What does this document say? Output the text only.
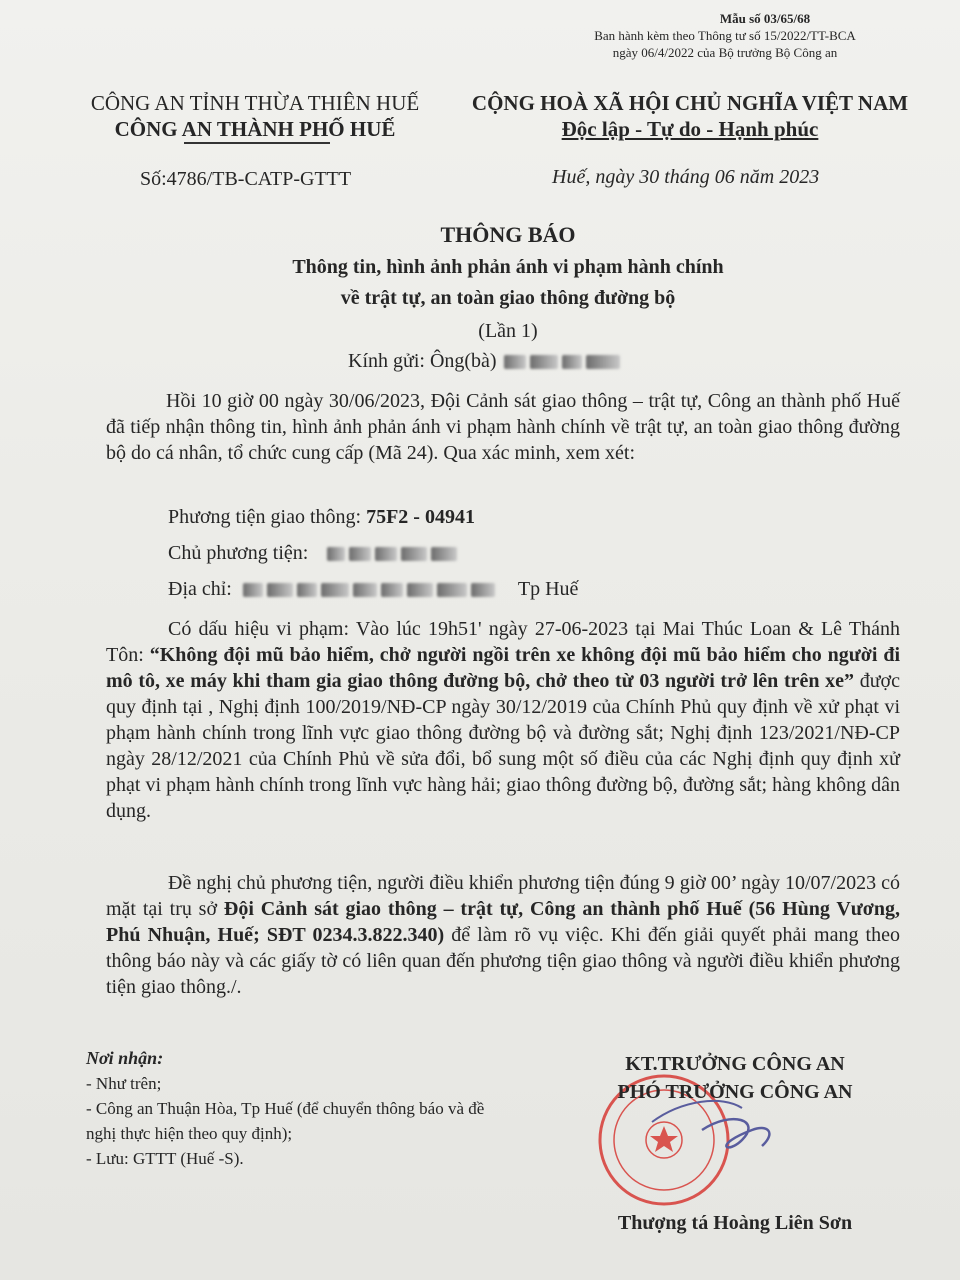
Mẫu số 03/65/68
Ban hành kèm theo Thông tư số 15/2022/TT-BCA
ngày 06/4/2022 của Bộ trưởng Bộ Công an
CÔNG AN TỈNH THỪA THIÊN HUẾ
CÔNG AN THÀNH PHỐ HUẾ
CỘNG HOÀ XÃ HỘI CHỦ NGHĨA VIỆT NAM
Độc lập - Tự do - Hạnh phúc
Số:4786/TB-CATP-GTTT	Huế, ngày 30 tháng 06 năm 2023
THÔNG BÁO
Thông tin, hình ảnh phản ánh vi phạm hành chính
về trật tự, an toàn giao thông đường bộ
(Lần 1)
Kính gửi: Ông(bà)
Hồi 10 giờ 00 ngày 30/06/2023, Đội Cảnh sát giao thông – trật tự, Công an thành phố Huế đã tiếp nhận thông tin, hình ảnh phản ánh vi phạm hành chính về trật tự, an toàn giao thông đường bộ do cá nhân, tổ chức cung cấp (Mã 24). Qua xác minh, xem xét:
Phương tiện giao thông: 75F2 - 04941
Chủ phương tiện:
Địa chỉ:	Tp Huế
Có dấu hiệu vi phạm: Vào lúc 19h51' ngày 27-06-2023 tại Mai Thúc Loan & Lê Thánh Tôn: “Không đội mũ bảo hiểm, chở người ngồi trên xe không đội mũ bảo hiểm cho người đi mô tô, xe máy khi tham gia giao thông đường bộ, chở theo từ 03 người trở lên trên xe” được quy định tại , Nghị định 100/2019/NĐ-CP ngày 30/12/2019 của Chính Phủ quy định về xử phạt vi phạm hành chính trong lĩnh vực giao thông đường bộ và đường sắt; Nghị định 123/2021/NĐ-CP ngày 28/12/2021 của Chính Phủ về sửa đổi, bổ sung một số điều của các Nghị định quy định xử phạt vi phạm hành chính trong lĩnh vực hàng hải; giao thông đường bộ, đường sắt; hàng không dân dụng.
Đề nghị chủ phương tiện, người điều khiển phương tiện đúng 9 giờ 00’ ngày 10/07/2023 có mặt tại trụ sở Đội Cảnh sát giao thông – trật tự, Công an thành phố Huế (56 Hùng Vương, Phú Nhuận, Huế; SĐT 0234.3.822.340) để làm rõ vụ việc. Khi đến giải quyết phải mang theo thông báo này và các giấy tờ có liên quan đến phương tiện giao thông và người điều khiển phương tiện giao thông./.
Nơi nhận:
- Như trên;
- Công an Thuận Hòa, Tp Huế (để chuyển thông báo và đề nghị thực hiện theo quy định);
- Lưu: GTTT (Huế -S).
KT.TRƯỞNG CÔNG AN
PHÓ TRƯỞNG CÔNG AN
Thượng tá Hoàng Liên Sơn
